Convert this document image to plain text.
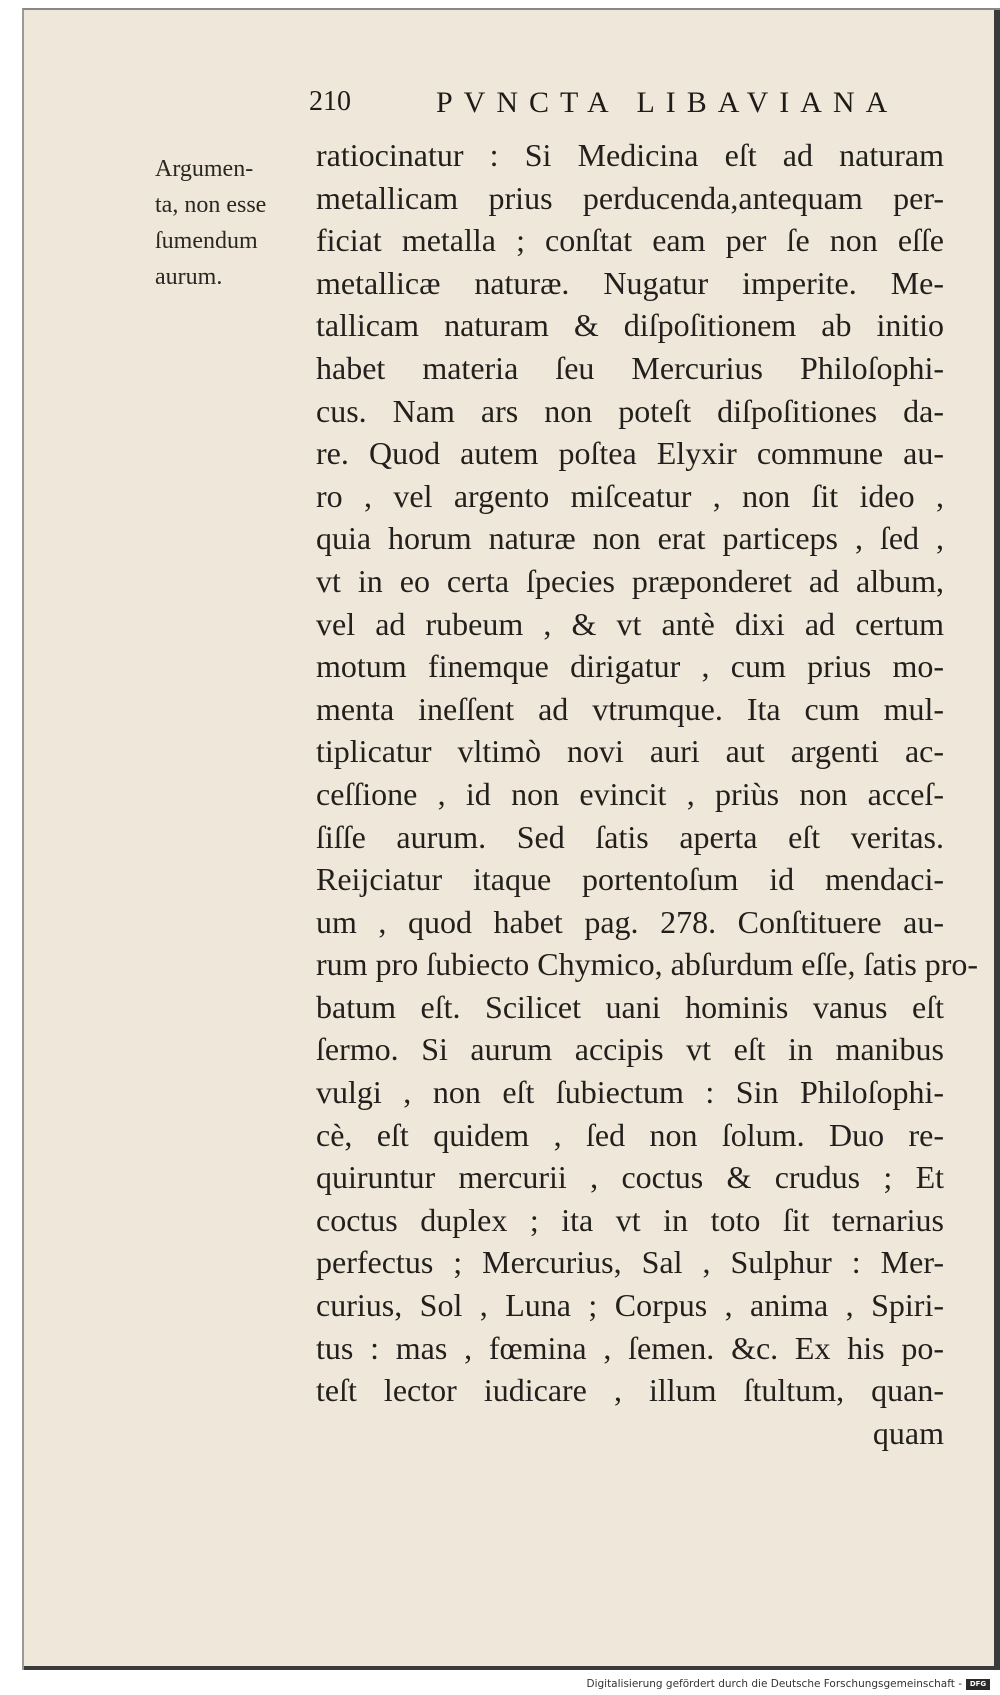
210	PVNCTA LIBAVIANA
Argumen-
ta, non esse
ſumendum
aurum.
ratiocinatur : Si Medicina eſt ad naturam
metallicam prius perducenda,antequam per-
ficiat metalla ; conſtat eam per ſe non eſſe
metallicæ naturæ. Nugatur imperite. Me-
tallicam naturam & diſpoſitionem ab initio
habet materia ſeu Mercurius Philoſophi-
cus. Nam ars non poteſt diſpoſitiones da-
re. Quod autem poſtea Elyxir commune au-
ro , vel argento miſceatur , non ſit ideo ,
quia horum naturæ non erat particeps , ſed ,
vt in eo certa ſpecies præponderet ad album,
vel ad rubeum , & vt antè dixi ad certum
motum finemque dirigatur , cum prius mo-
menta ineſſent ad vtrumque. Ita cum mul-
tiplicatur vltimò novi auri aut argenti ac-
ceſſione , id non evincit , priùs non acceſ-
ſiſſe aurum. Sed ſatis aperta eſt veritas.
Reijciatur itaque portentoſum id mendaci-
um , quod habet pag. 278. Conſtituere au-
rum pro ſubiecto Chymico, abſurdum eſſe, ſatis pro-
batum eſt. Scilicet uani hominis vanus eſt
ſermo. Si aurum accipis vt eſt in manibus
vulgi , non eſt ſubiectum : Sin Philoſophi-
cè, eſt quidem , ſed non ſolum. Duo re-
quiruntur mercurii , coctus & crudus ; Et
coctus duplex ; ita vt in toto ſit ternarius
perfectus ; Mercurius, Sal , Sulphur : Mer-
curius, Sol , Luna ; Corpus , anima , Spiri-
tus : mas , fœmina , ſemen. &c. Ex his po-
teſt lector iudicare , illum ſtultum, quan-
quam
Digitalisierung gefördert durch die Deutsche Forschungsgemeinschaft -	DFG
